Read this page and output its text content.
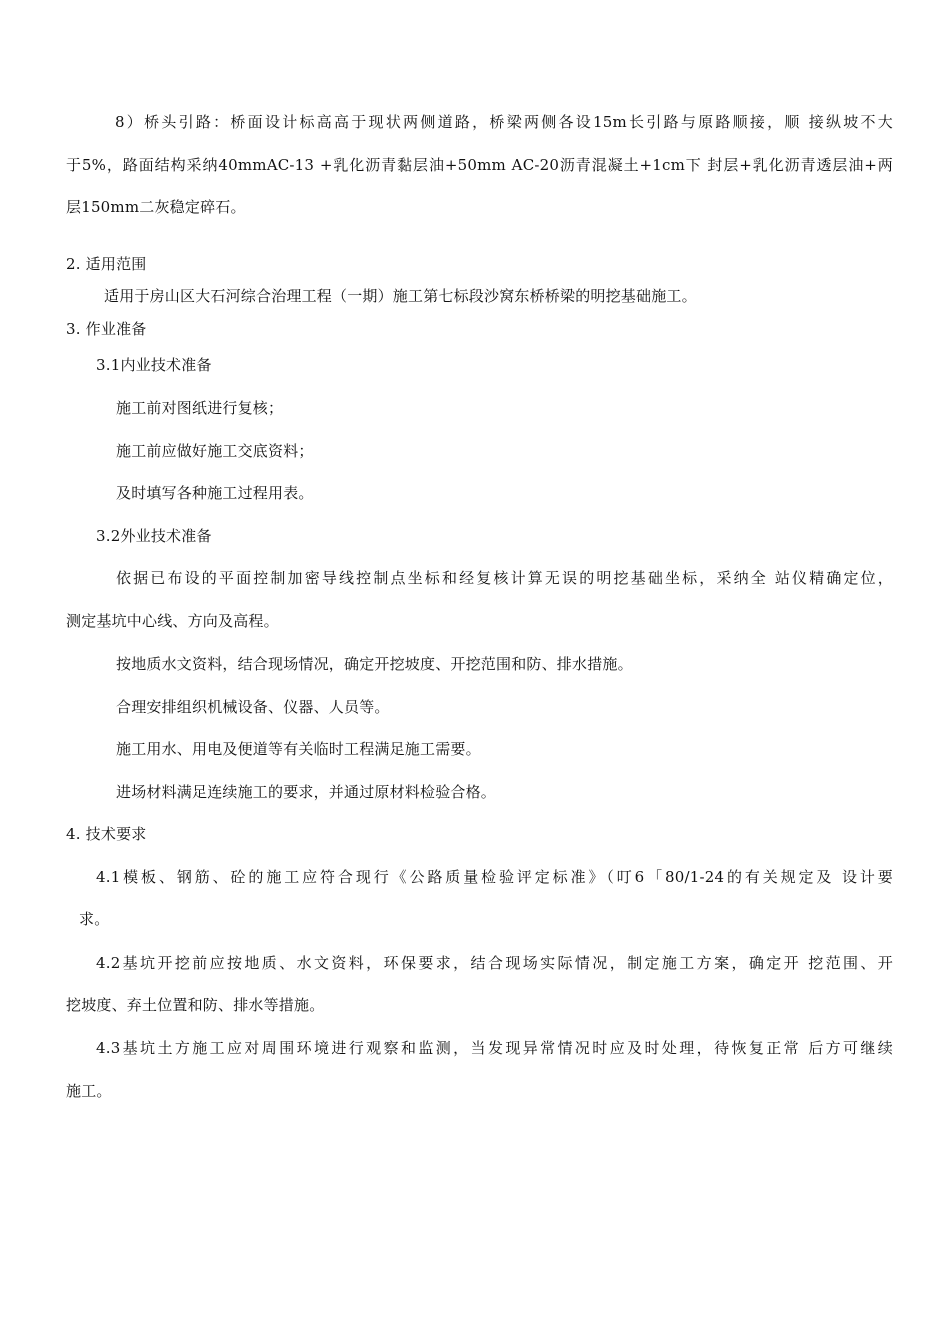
8）桥头引路：桥面设计标高高于现状两侧道路，桥梁两侧各设15m长引路与原路顺接，顺 接纵坡不大
于5%，路面结构采纳40mmAC-13 +乳化沥青黏层油+50mm AC-20沥青混凝土+1cm下 封层+乳化沥青透层油+两
层150mm二灰稳定碎石。
2. 适用范围
适用于房山区大石河综合治理工程（一期）施工第七标段沙窝东桥桥梁的明挖基础施工。
3. 作业准备
3.1内业技术准备
施工前对图纸进行复核；
施工前应做好施工交底资料；
及时填写各种施工过程用表。
3.2外业技术准备
依据已布设的平面控制加密导线控制点坐标和经复核计算无误的明挖基础坐标，采纳全 站仪精确定位，
测定基坑中心线、方向及高程。
按地质水文资料，结合现场情况，确定开挖坡度、开挖范围和防、排水措施。
合理安排组织机械设备、仪器、人员等。
施工用水、用电及便道等有关临时工程满足施工需要。
进场材料满足连续施工的要求，并通过原材料检验合格。
4. 技术要求
4.1模板、钢筋、砼的施工应符合现行《公路质量检验评定标准》（叮6「80/1-24的有关规定及 设计要
求。
4.2基坑开挖前应按地质、水文资料，环保要求，结合现场实际情况，制定施工方案，确定开 挖范围、开
挖坡度、弃土位置和防、排水等措施。
4.3基坑土方施工应对周围环境进行观察和监测，当发现异常情况时应及时处理，待恢复正常 后方可继续
施工。
